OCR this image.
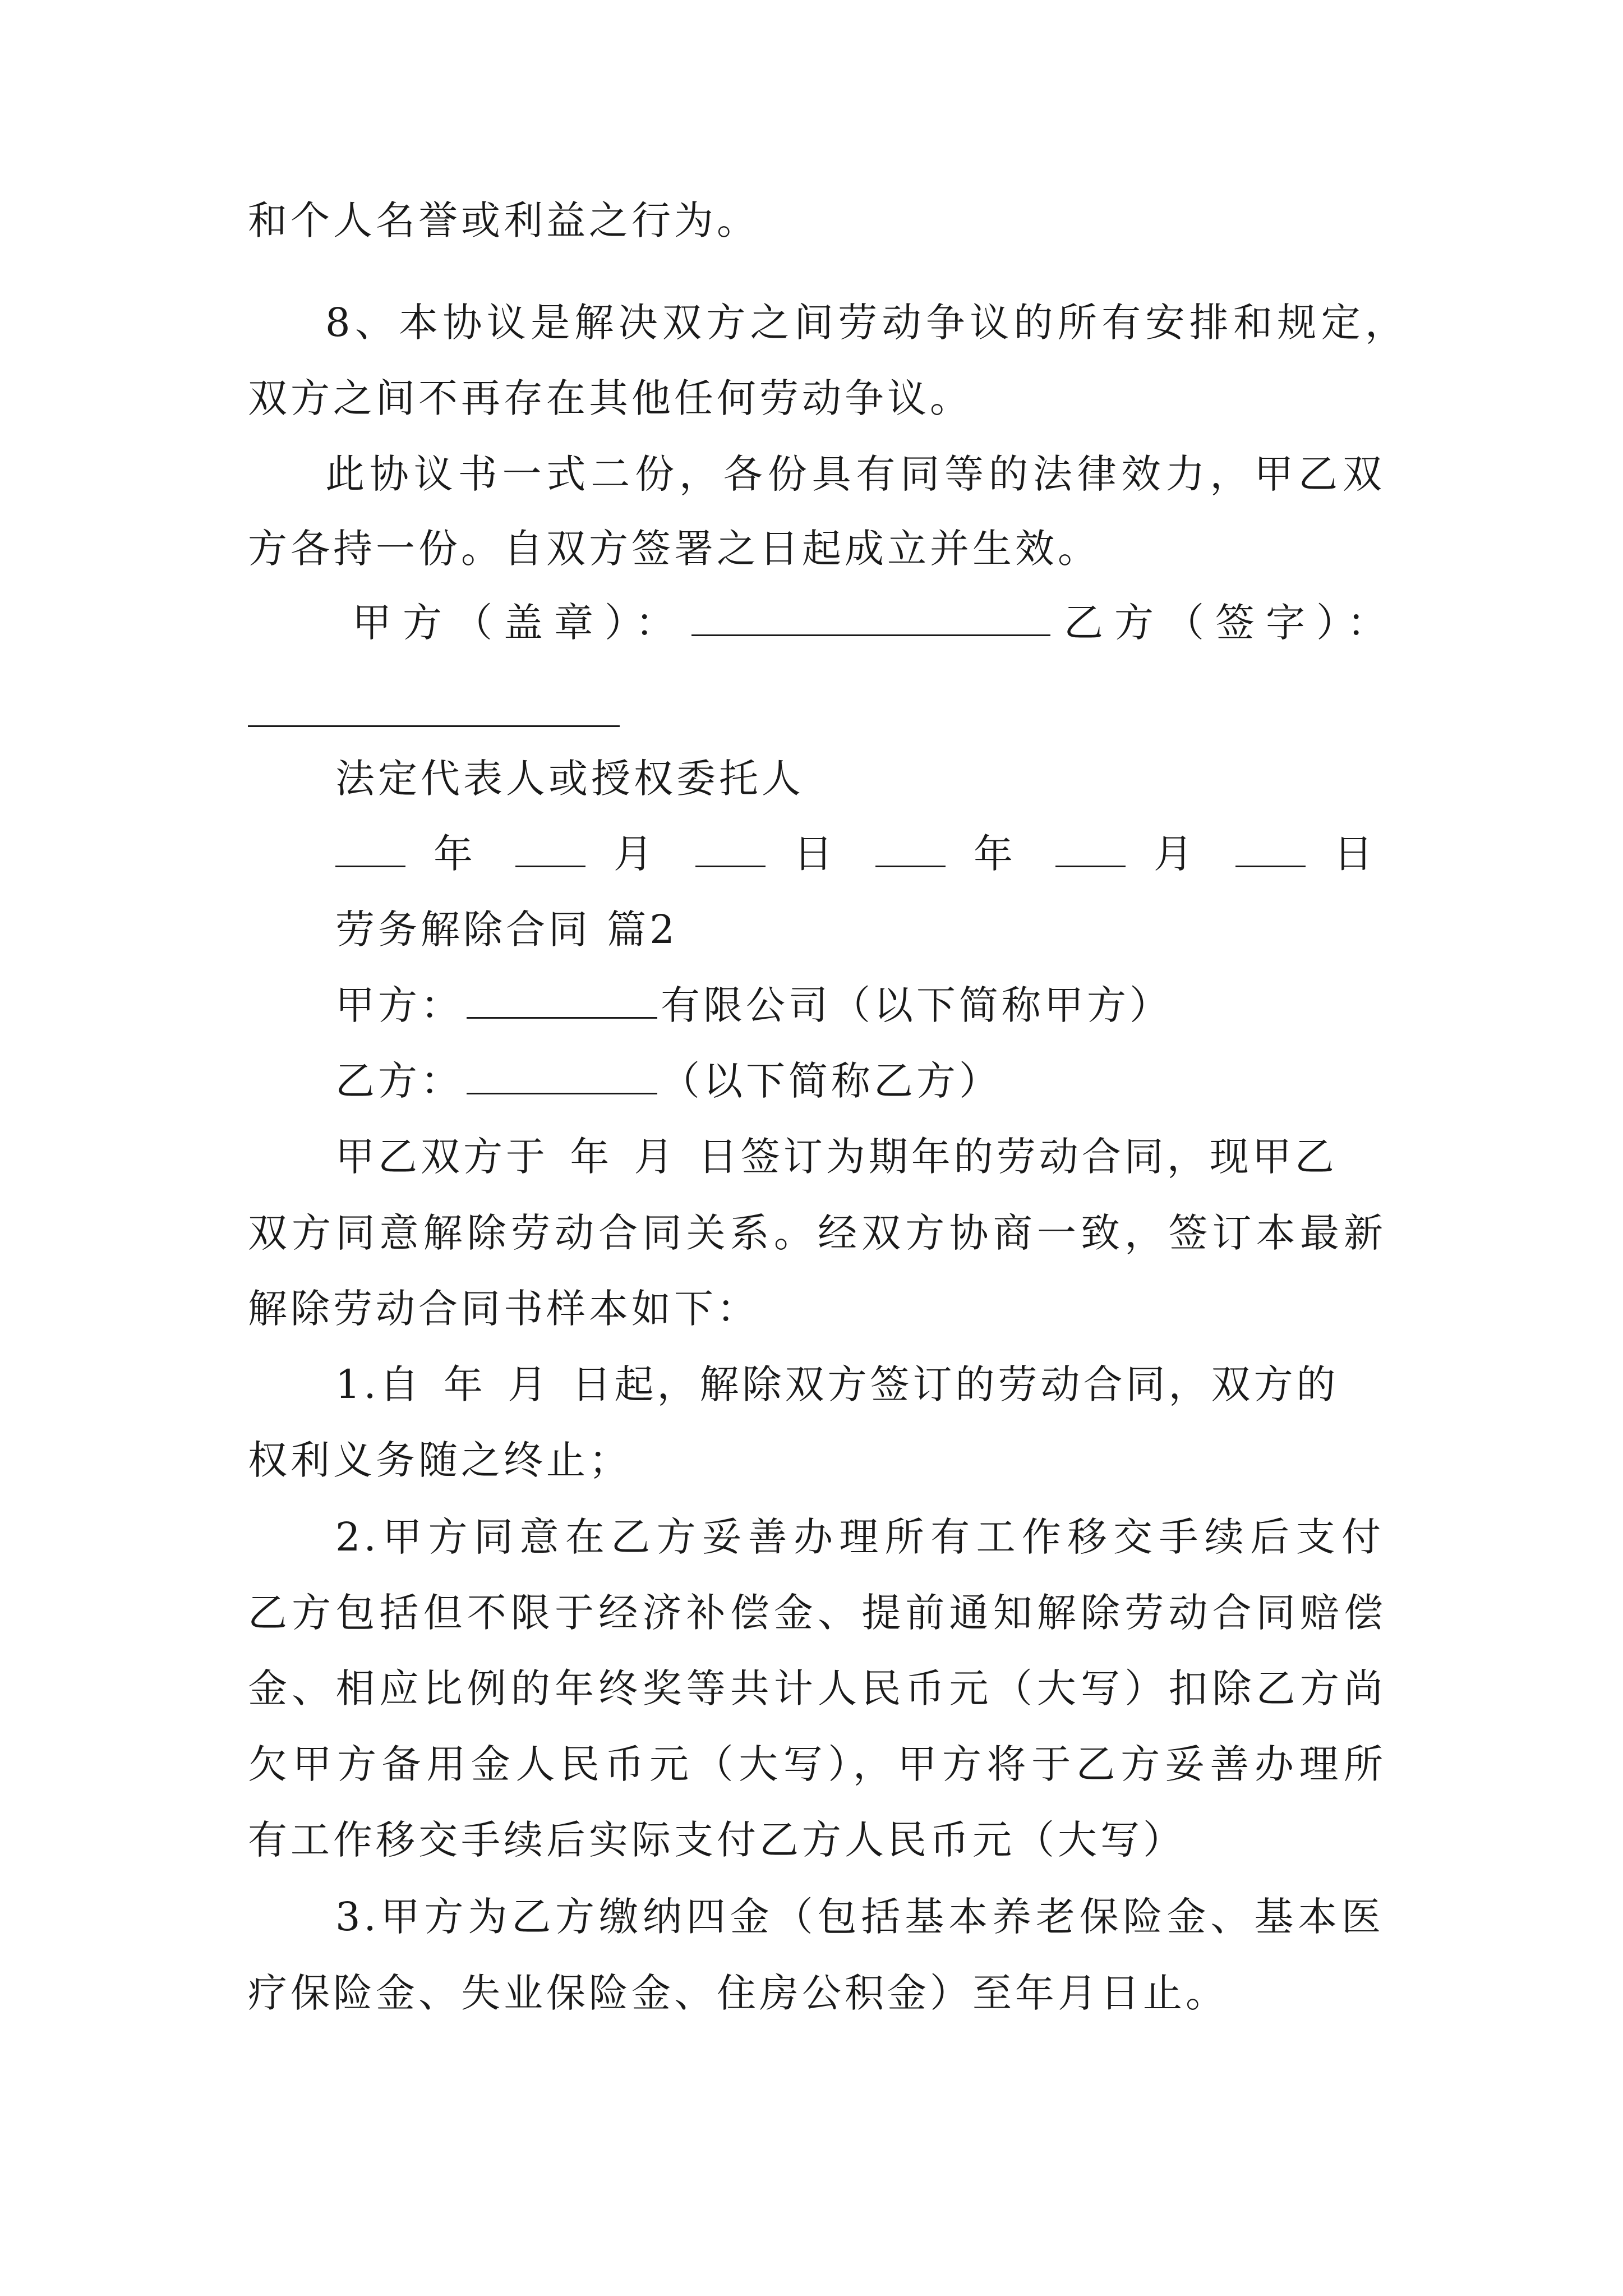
和个人名誉或利益之行为。
8、本协议是解决双方之间劳动争议的所有安排和规定，
双方之间不再存在其他任何劳动争议。
此协议书一式二份，各份具有同等的法律效力，甲乙双
方各持一份。自双方签署之日起成立并生效。
甲方（盖章）：	乙方（签字）：
法定代表人或授权委托人
年	月	日	年	月	日
劳务解除合同 篇2
甲方：	有限公司（以下简称甲方）
乙方：	（以下简称乙方）
甲乙双方于 年 月 日签订为期年的劳动合同，现甲乙
双方同意解除劳动合同关系。经双方协商一致，签订本最新
解除劳动合同书样本如下：
1.自 年 月 日起，解除双方签订的劳动合同，双方的
权利义务随之终止；
2.甲方同意在乙方妥善办理所有工作移交手续后支付
乙方包括但不限于经济补偿金、提前通知解除劳动合同赔偿
金、相应比例的年终奖等共计人民币元（大写）扣除乙方尚
欠甲方备用金人民币元（大写），甲方将于乙方妥善办理所
有工作移交手续后实际支付乙方人民币元（大写）
3.甲方为乙方缴纳四金（包括基本养老保险金、基本医
疗保险金、失业保险金、住房公积金）至年月日止。
